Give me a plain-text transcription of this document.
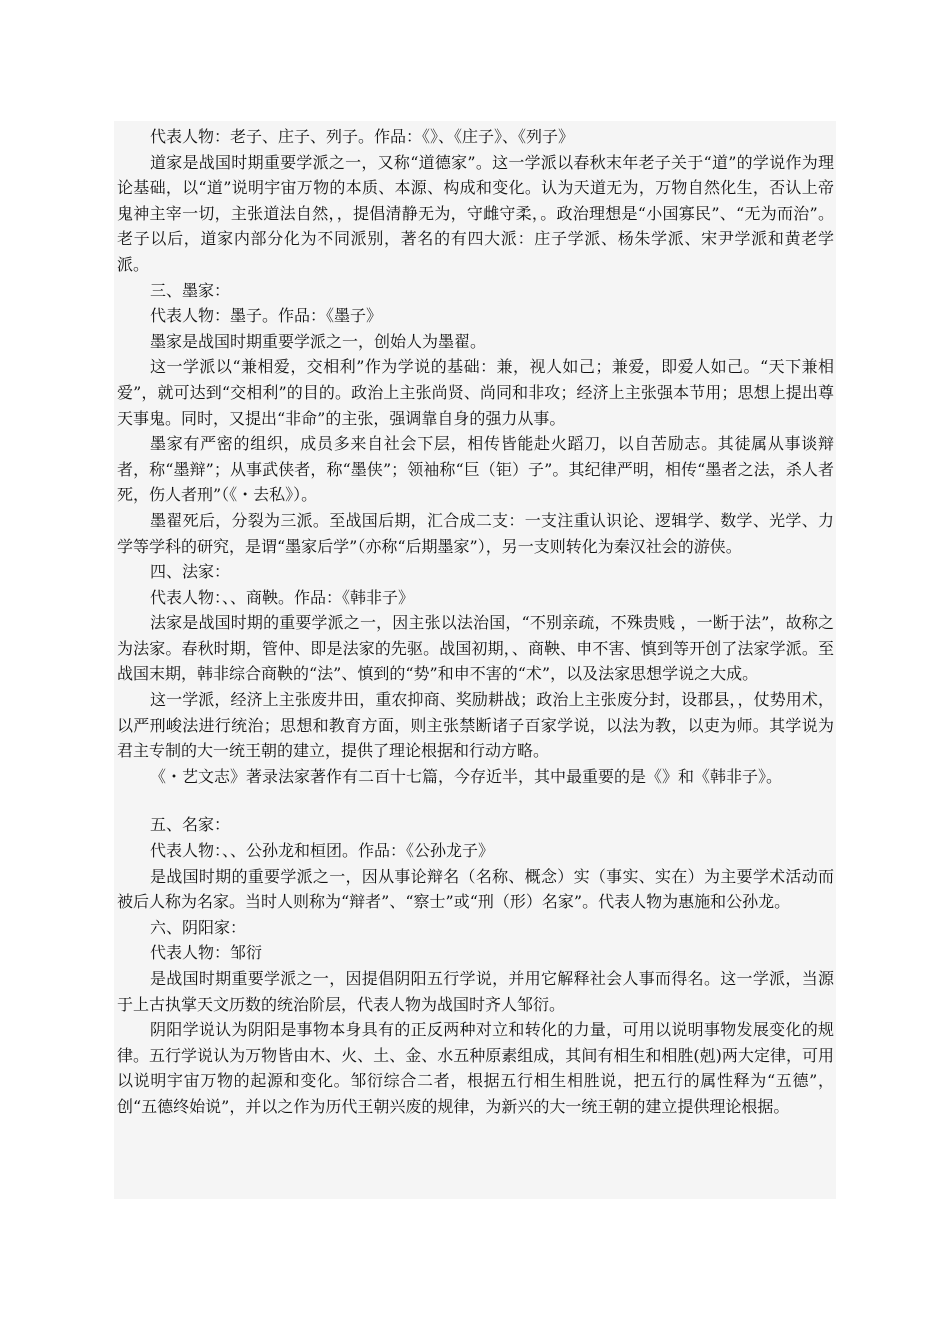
代表人物：老子、庄子、列子。作品：《》、《庄子》、《列子》

道家是战国时期重要学派之一，又称“道德家”。这一学派以春秋末年老子关于“道”的学说作为理论基础，以“道”说明宇宙万物的本质、本源、构成和变化。认为天道无为，万物自然化生，否认上帝鬼神主宰一切，主张道法自然，，提倡清静无为，守雌守柔，。政治理想是“小国寡民”、“无为而治”。老子以后，道家内部分化为不同派别，著名的有四大派：庄子学派、杨朱学派、宋尹学派和黄老学派。

三、墨家：

代表人物：墨子。作品：《墨子》

墨家是战国时期重要学派之一，创始人为墨翟。

这一学派以“兼相爱，交相利”作为学说的基础：兼，视人如己；兼爱，即爱人如己。“天下兼相爱”，就可达到“交相利”的目的。政治上主张尚贤、尚同和非攻；经济上主张强本节用；思想上提出尊天事鬼。同时，又提出“非命”的主张，强调靠自身的强力从事。

墨家有严密的组织，成员多来自社会下层，相传皆能赴火蹈刀，以自苦励志。其徒属从事谈辩者，称“墨辩”；从事武侠者，称“墨侠”；领袖称“巨（钜）子”。其纪律严明，相传“墨者之法，杀人者死，伤人者刑”（《・去私》）。

墨翟死后，分裂为三派。至战国后期，汇合成二支：一支注重认识论、逻辑学、数学、光学、力学等学科的研究，是谓“墨家后学”（亦称“后期墨家”），另一支则转化为秦汉社会的游侠。

四、法家：

代表人物：、、商鞅。作品：《韩非子》

法家是战国时期的重要学派之一，因主张以法治国，“不别亲疏，不殊贵贱 ，一断于法”，故称之为法家。春秋时期，管仲、即是法家的先驱。战国初期，、商鞅、申不害、慎到等开创了法家学派。至战国末期，韩非综合商鞅的“法”、慎到的“势”和申不害的“术”，以及法家思想学说之大成。

这一学派，经济上主张废井田，重农抑商、奖励耕战；政治上主张废分封，设郡县，，仗势用术，以严刑峻法进行统治；思想和教育方面，则主张禁断诸子百家学说，以法为教，以吏为师。其学说为君主专制的大一统王朝的建立，提供了理论根据和行动方略。

《・艺文志》著录法家著作有二百十七篇，今存近半，其中最重要的是《》和《韩非子》。

五、名家：

代表人物：、、公孙龙和桓团。作品：《公孙龙子》

是战国时期的重要学派之一，因从事论辩名（名称、概念）实（事实、实在）为主要学术活动而被后人称为名家。当时人则称为“辩者”、“察士”或“刑（形）名家”。代表人物为惠施和公孙龙。

六、阴阳家：

代表人物：邹衍

是战国时期重要学派之一，因提倡阴阳五行学说，并用它解释社会人事而得名。这一学派，当源于上古执掌天文历数的统治阶层，代表人物为战国时齐人邹衍。

阴阳学说认为阴阳是事物本身具有的正反两种对立和转化的力量，可用以说明事物发展变化的规律。五行学说认为万物皆由木、火、土、金、水五种原素组成，其间有相生和相胜(剋)两大定律，可用以说明宇宙万物的起源和变化。邹衍综合二者，根据五行相生相胜说，把五行的属性释为“五德”，创“五德终始说”，并以之作为历代王朝兴废的规律，为新兴的大一统王朝的建立提供理论根据。
